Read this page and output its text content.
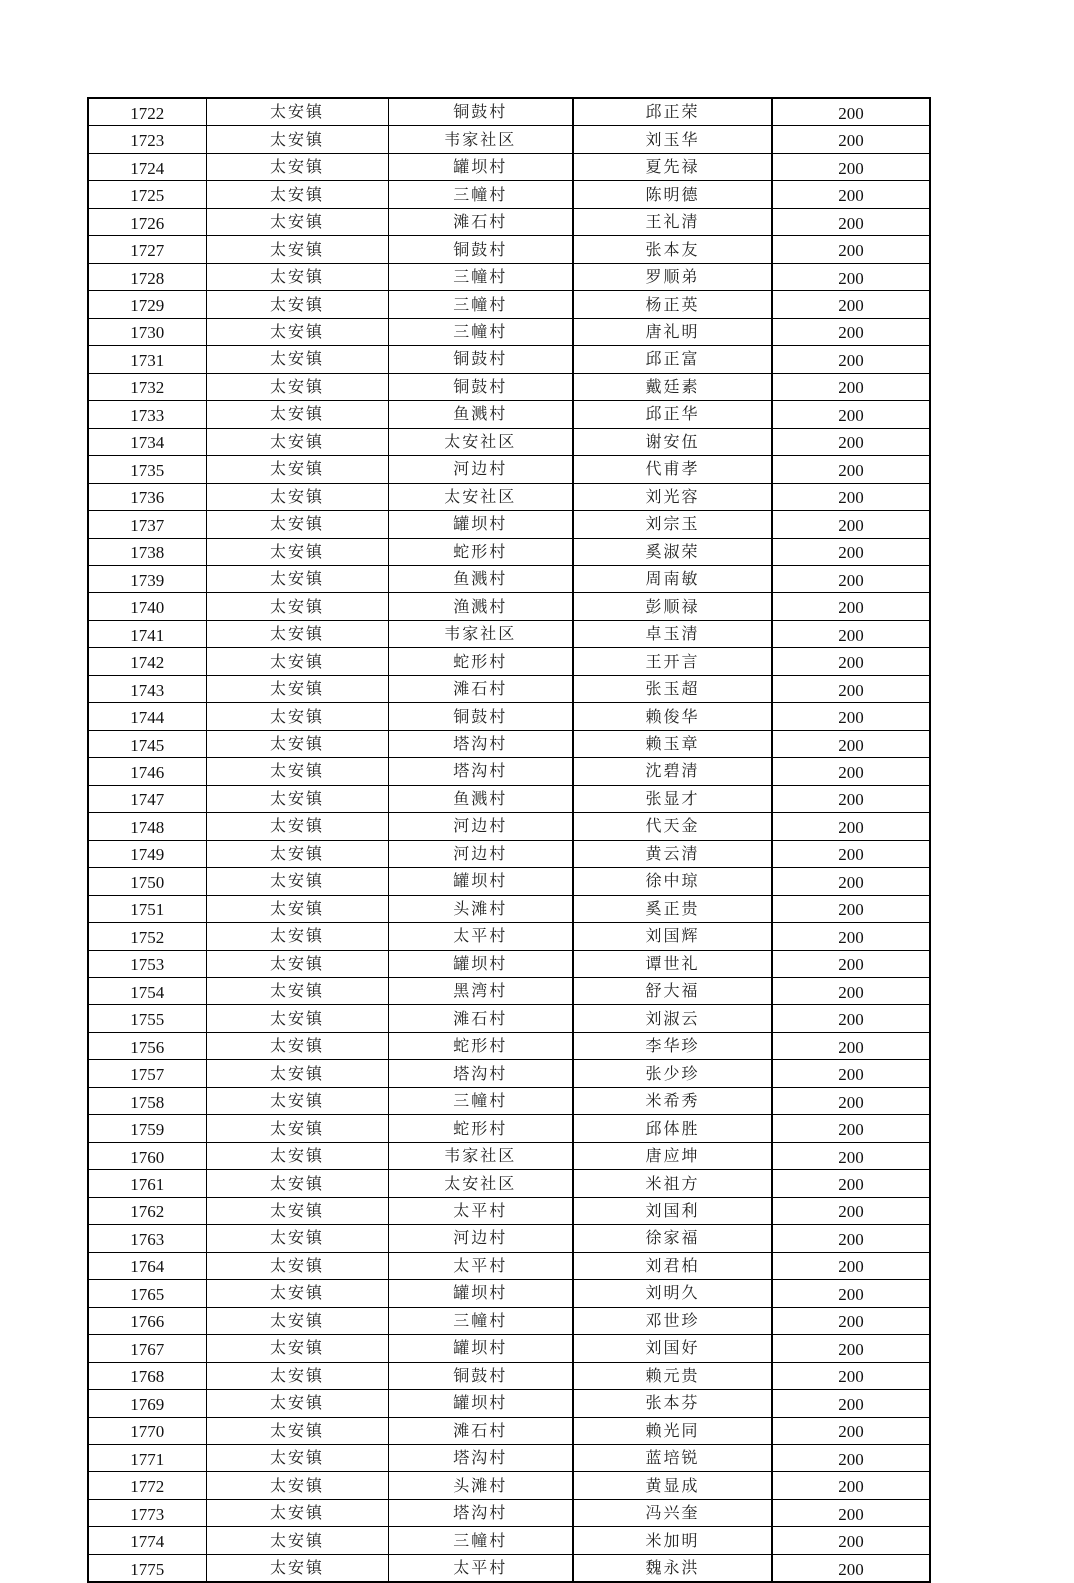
1722	太安镇	铜鼓村	邱正荣	200
1723	太安镇	韦家社区	刘玉华	200
1724	太安镇	罐坝村	夏先禄	200
1725	太安镇	三幢村	陈明德	200
1726	太安镇	滩石村	王礼清	200
1727	太安镇	铜鼓村	张本友	200
1728	太安镇	三幢村	罗顺弟	200
1729	太安镇	三幢村	杨正英	200
1730	太安镇	三幢村	唐礼明	200
1731	太安镇	铜鼓村	邱正富	200
1732	太安镇	铜鼓村	戴廷素	200
1733	太安镇	鱼溅村	邱正华	200
1734	太安镇	太安社区	谢安伍	200
1735	太安镇	河边村	代甫孝	200
1736	太安镇	太安社区	刘光容	200
1737	太安镇	罐坝村	刘宗玉	200
1738	太安镇	蛇形村	奚淑荣	200
1739	太安镇	鱼溅村	周南敏	200
1740	太安镇	渔溅村	彭顺禄	200
1741	太安镇	韦家社区	卓玉清	200
1742	太安镇	蛇形村	王开言	200
1743	太安镇	滩石村	张玉超	200
1744	太安镇	铜鼓村	赖俊华	200
1745	太安镇	塔沟村	赖玉章	200
1746	太安镇	塔沟村	沈碧清	200
1747	太安镇	鱼溅村	张显才	200
1748	太安镇	河边村	代天金	200
1749	太安镇	河边村	黄云清	200
1750	太安镇	罐坝村	徐中琼	200
1751	太安镇	头滩村	奚正贵	200
1752	太安镇	太平村	刘国辉	200
1753	太安镇	罐坝村	谭世礼	200
1754	太安镇	黑湾村	舒大福	200
1755	太安镇	滩石村	刘淑云	200
1756	太安镇	蛇形村	李华珍	200
1757	太安镇	塔沟村	张少珍	200
1758	太安镇	三幢村	米希秀	200
1759	太安镇	蛇形村	邱体胜	200
1760	太安镇	韦家社区	唐应坤	200
1761	太安镇	太安社区	米祖方	200
1762	太安镇	太平村	刘国利	200
1763	太安镇	河边村	徐家福	200
1764	太安镇	太平村	刘君柏	200
1765	太安镇	罐坝村	刘明久	200
1766	太安镇	三幢村	邓世珍	200
1767	太安镇	罐坝村	刘国好	200
1768	太安镇	铜鼓村	赖元贵	200
1769	太安镇	罐坝村	张本芬	200
1770	太安镇	滩石村	赖光同	200
1771	太安镇	塔沟村	蓝培锐	200
1772	太安镇	头滩村	黄显成	200
1773	太安镇	塔沟村	冯兴奎	200
1774	太安镇	三幢村	米加明	200
1775	太安镇	太平村	魏永洪	200
